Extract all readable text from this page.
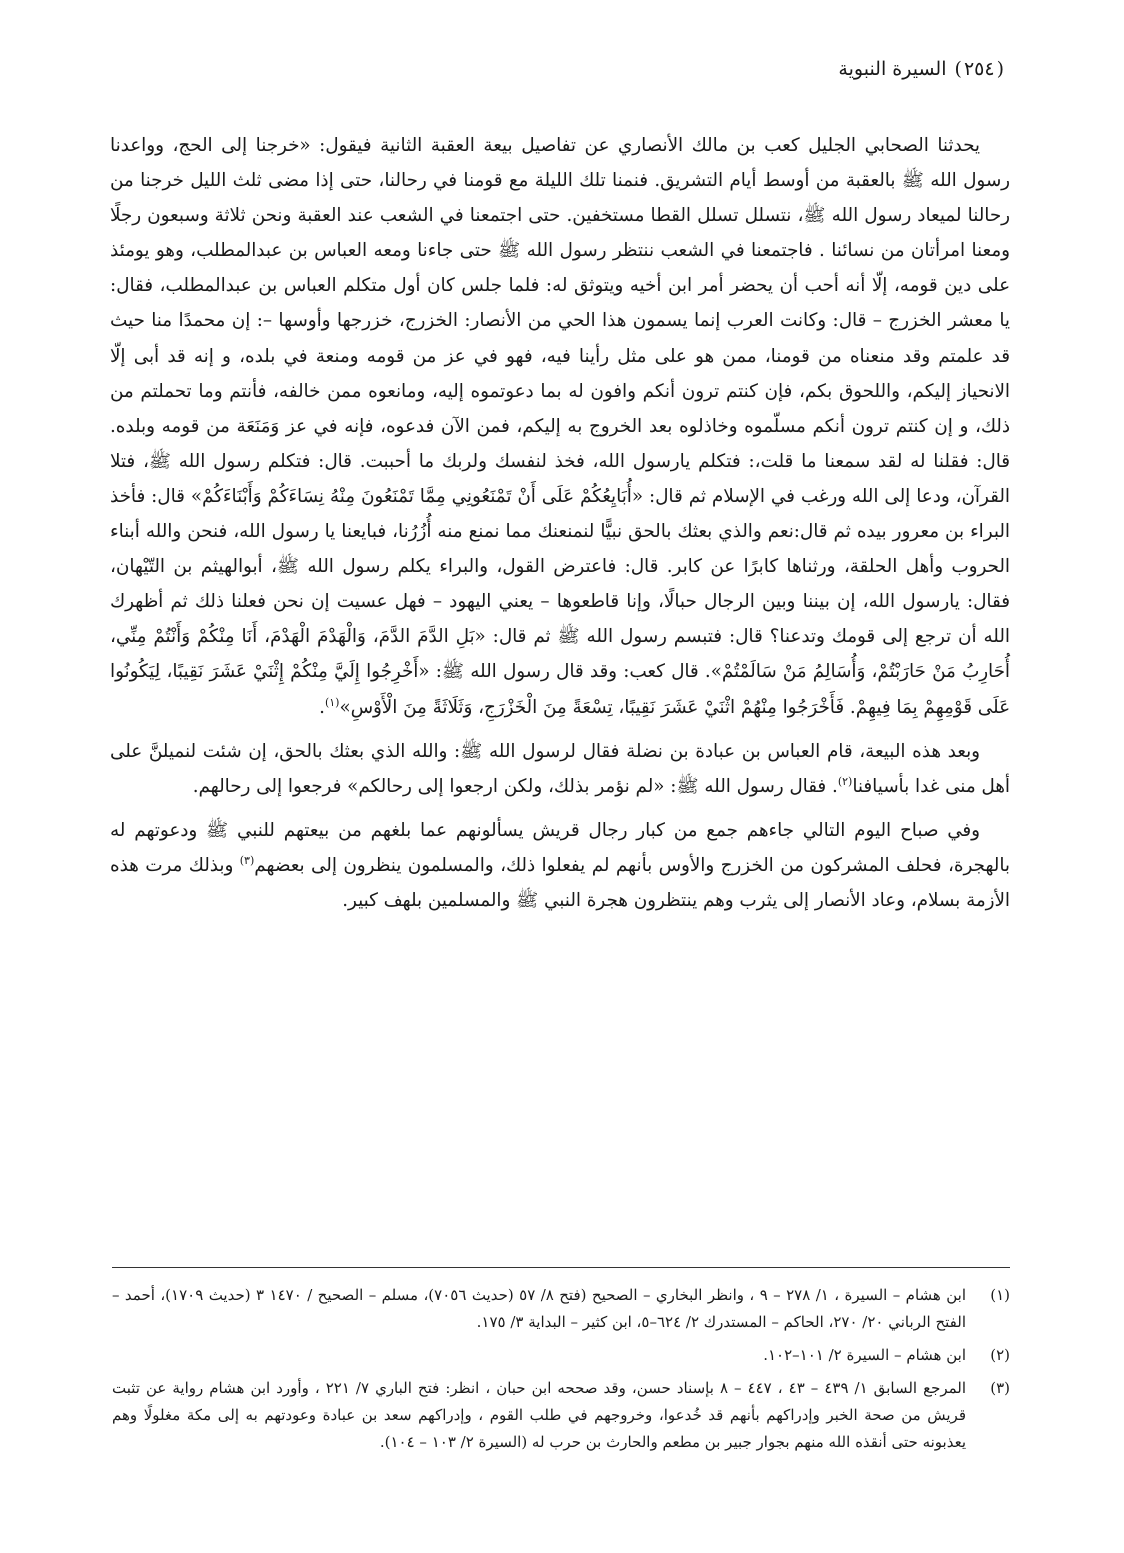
(٢٥٤) السيرة النبوية

يحدثنا الصحابي الجليل كعب بن مالك الأنصاري عن تفاصيل بيعة العقبة الثانية فيقول: «خرجنا إلى الحج، وواعدنا رسول الله ﷺ بالعقبة من أوسط أيام التشريق. فنمنا تلك الليلة مع قومنا في رحالنا، حتى إذا مضى ثلث الليل خرجنا من رحالنا لميعاد رسول الله ﷺ، نتسلل تسلل القطا مستخفين. حتى اجتمعنا في الشعب عند العقبة ونحن ثلاثة وسبعون رجلًا ومعنا امرأتان من نسائنا . فاجتمعنا في الشعب ننتظر رسول الله ﷺ حتى جاءنا ومعه العباس بن عبدالمطلب، وهو يومئذ على دين قومه، إلّا أنه أحب أن يحضر أمر ابن أخيه ويتوثق له: فلما جلس كان أول متكلم العباس بن عبدالمطلب، فقال: يا معشر الخزرج – قال: وكانت العرب إنما يسمون هذا الحي من الأنصار: الخزرج، خزرجها وأوسها –: إن محمدًا منا حيث قد علمتم وقد منعناه من قومنا، ممن هو على مثل رأينا فيه، فهو في عز من قومه ومنعة في بلده، و إنه قد أبى إلّا الانحياز إليكم، واللحوق بكم، فإن كنتم ترون أنكم وافون له بما دعوتموه إليه، ومانعوه ممن خالفه، فأنتم وما تحملتم من ذلك، و إن كنتم ترون أنكم مسلّموه وخاذلوه بعد الخروج به إليكم، فمن الآن فدعوه، فإنه في عز وَمَنَعَة من قومه وبلده. قال: فقلنا له لقد سمعنا ما قلت،: فتكلم يارسول الله، فخذ لنفسك ولربك ما أحببت. قال: فتكلم رسول الله ﷺ، فتلا القرآن، ودعا إلى الله ورغب في الإسلام ثم قال: «أُبَايِعُكُمْ عَلَى أَنْ تَمْنَعُونِي مِمَّا تَمْنَعُونَ مِنْهُ نِسَاءَكُمْ وَأَبْنَاءَكُمْ» قال: فأخذ البراء بن معرور بيده ثم قال:نعم والذي بعثك بالحق نبيًّا لنمنعنك مما نمنع منه أُزُرُنا، فبايعنا يا رسول الله، فنحن والله أبناء الحروب وأهل الحلقة، ورثناها كابرًا عن كابر. قال: فاعترض القول، والبراء يكلم رسول الله ﷺ، أبوالهيثم بن التّيْهان، فقال: يارسول الله، إن بيننا وبين الرجال حبالًا، وإنا قاطعوها – يعني اليهود – فهل عسيت إن نحن فعلنا ذلك ثم أظهرك الله أن ترجع إلى قومك وتدعنا؟ قال: فتبسم رسول الله ﷺ ثم قال: «بَلِ الدَّمَ الدَّمَ، وَالْهَدْمَ الْهَدْمَ، أَنَا مِنْكُمْ وَأَنْتُمْ مِنِّي، أُحَارِبُ مَنْ حَارَبْتُمْ، وَأُسَالِمُ مَنْ سَالَمْتُمْ». قال كعب: وقد قال رسول الله ﷺ: «أَخْرِجُوا إِلَيَّ مِنْكُمْ إِثْنَيْ عَشَرَ نَقِيبًا، لِيَكُونُوا عَلَى قَوْمِهِمْ بِمَا فِيهِمْ. فَأَخْرَجُوا مِنْهُمْ اثْنَيْ عَشَرَ نَقِيبًا، تِسْعَةً مِنَ الْخَزْرَجِ، وَثَلَاثَةً مِنَ الْأَوْسِ»$^{(١)}$.

وبعد هذه البيعة، قام العباس بن عبادة بن نضلة فقال لرسول الله ﷺ: والله الذي بعثك بالحق، إن شئت لنميلنَّ على أهل منى غدا بأسيافنا$^{(٢)}$. فقال رسول الله ﷺ: «لم نؤمر بذلك، ولكن ارجعوا إلى رحالكم» فرجعوا إلى رحالهم.

وفي صباح اليوم التالي جاءهم جمع من كبار رجال قريش يسألونهم عما بلغهم من بيعتهم للنبي ﷺ ودعوتهم له بالهجرة، فحلف المشركون من الخزرج والأوس بأنهم لم يفعلوا ذلك، والمسلمون ينظرون إلى بعضهم$^{(٣)}$ وبذلك مرت هذه الأزمة بسلام، وعاد الأنصار إلى يثرب وهم ينتظرون هجرة النبي ﷺ والمسلمين بلهف كبير.

(١)
ابن هشام – السيرة ، ١/ ٢٧٨ – ٩ ، وانظر البخاري – الصحيح (فتح ٨/ ٥٧ (حديث ٧٠٥٦)، مسلم – الصحيح / ١٤٧٠ ٣ (حديث ١٧٠٩)، أحمد – الفتح الرباني ٢٠/ ٢٧٠، الحاكم – المستدرك ٢/ ٦٢٤–٥، ابن كثير – البداية ٣/ ١٧٥.
(٢)
ابن هشام – السيرة ٢/ ١٠١–١٠٢.
(٣)
المرجع السابق ١/ ٤٣٩ – ٤٣ ، ٤٤٧ – ٨ بإسناد حسن، وقد صححه ابن حبان ، انظر: فتح الباري ٧/ ٢٢١ ، وأورد ابن هشام رواية عن تثبت قريش من صحة الخبر وإدراكهم بأنهم قد خُدعوا، وخروجهم في طلب القوم ، وإدراكهم سعد بن عبادة وعودتهم به إلى مكة مغلولًا وهم يعذبونه حتى أنقذه الله منهم بجوار جبير بن مطعم والحارث بن حرب له (السيرة ٢/ ١٠٣ – ١٠٤).
